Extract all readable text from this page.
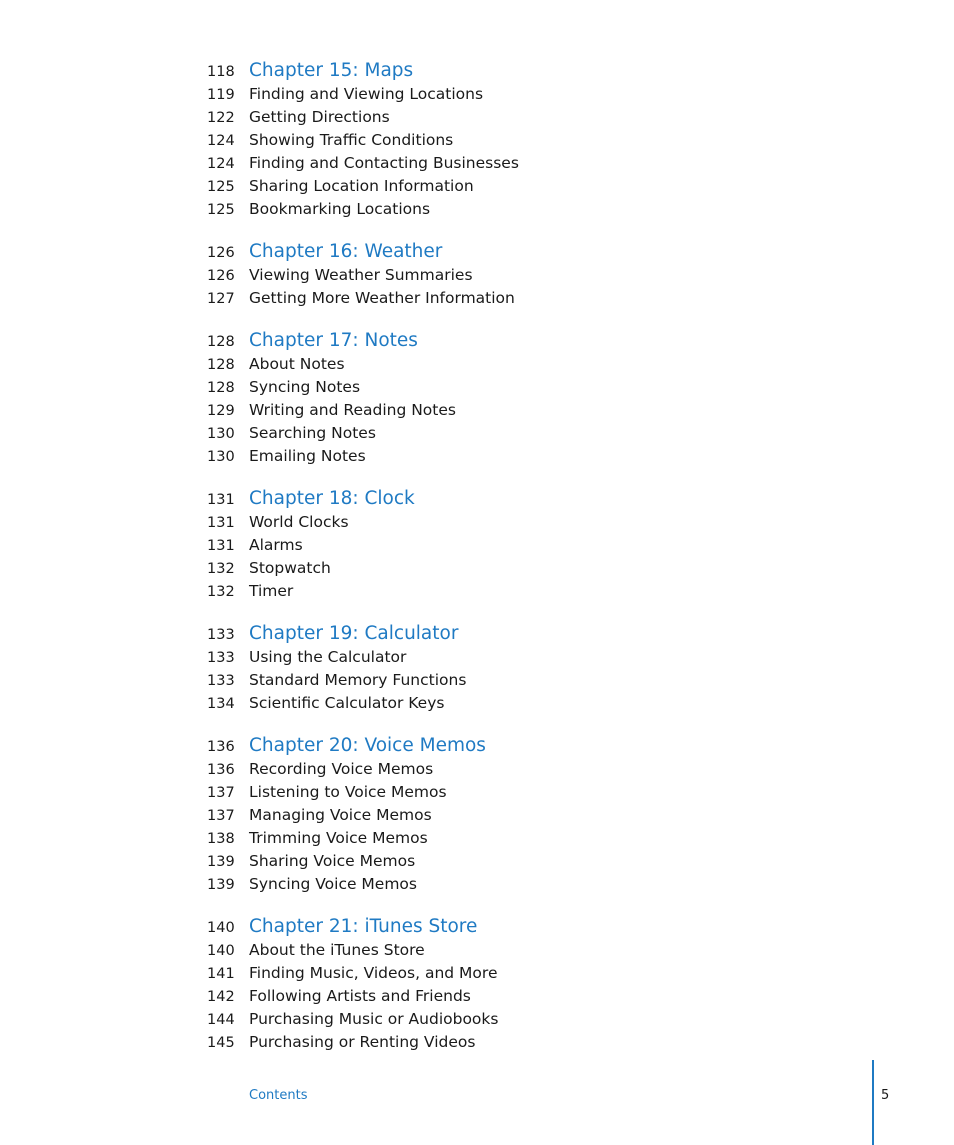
118 Chapter 15: Maps
119 Finding and Viewing Locations
122 Getting Directions
124 Showing Traffic Conditions
124 Finding and Contacting Businesses
125 Sharing Location Information
125 Bookmarking Locations
126 Chapter 16: Weather
126 Viewing Weather Summaries
127 Getting More Weather Information
128 Chapter 17: Notes
128 About Notes
128 Syncing Notes
129 Writing and Reading Notes
130 Searching Notes
130 Emailing Notes
131 Chapter 18: Clock
131 World Clocks
131 Alarms
132 Stopwatch
132 Timer
133 Chapter 19: Calculator
133 Using the Calculator
133 Standard Memory Functions
134 Scientific Calculator Keys
136 Chapter 20: Voice Memos
136 Recording Voice Memos
137 Listening to Voice Memos
137 Managing Voice Memos
138 Trimming Voice Memos
139 Sharing Voice Memos
139 Syncing Voice Memos
140 Chapter 21: iTunes Store
140 About the iTunes Store
141 Finding Music, Videos, and More
142 Following Artists and Friends
144 Purchasing Music or Audiobooks
145 Purchasing or Renting Videos
Contents	5
